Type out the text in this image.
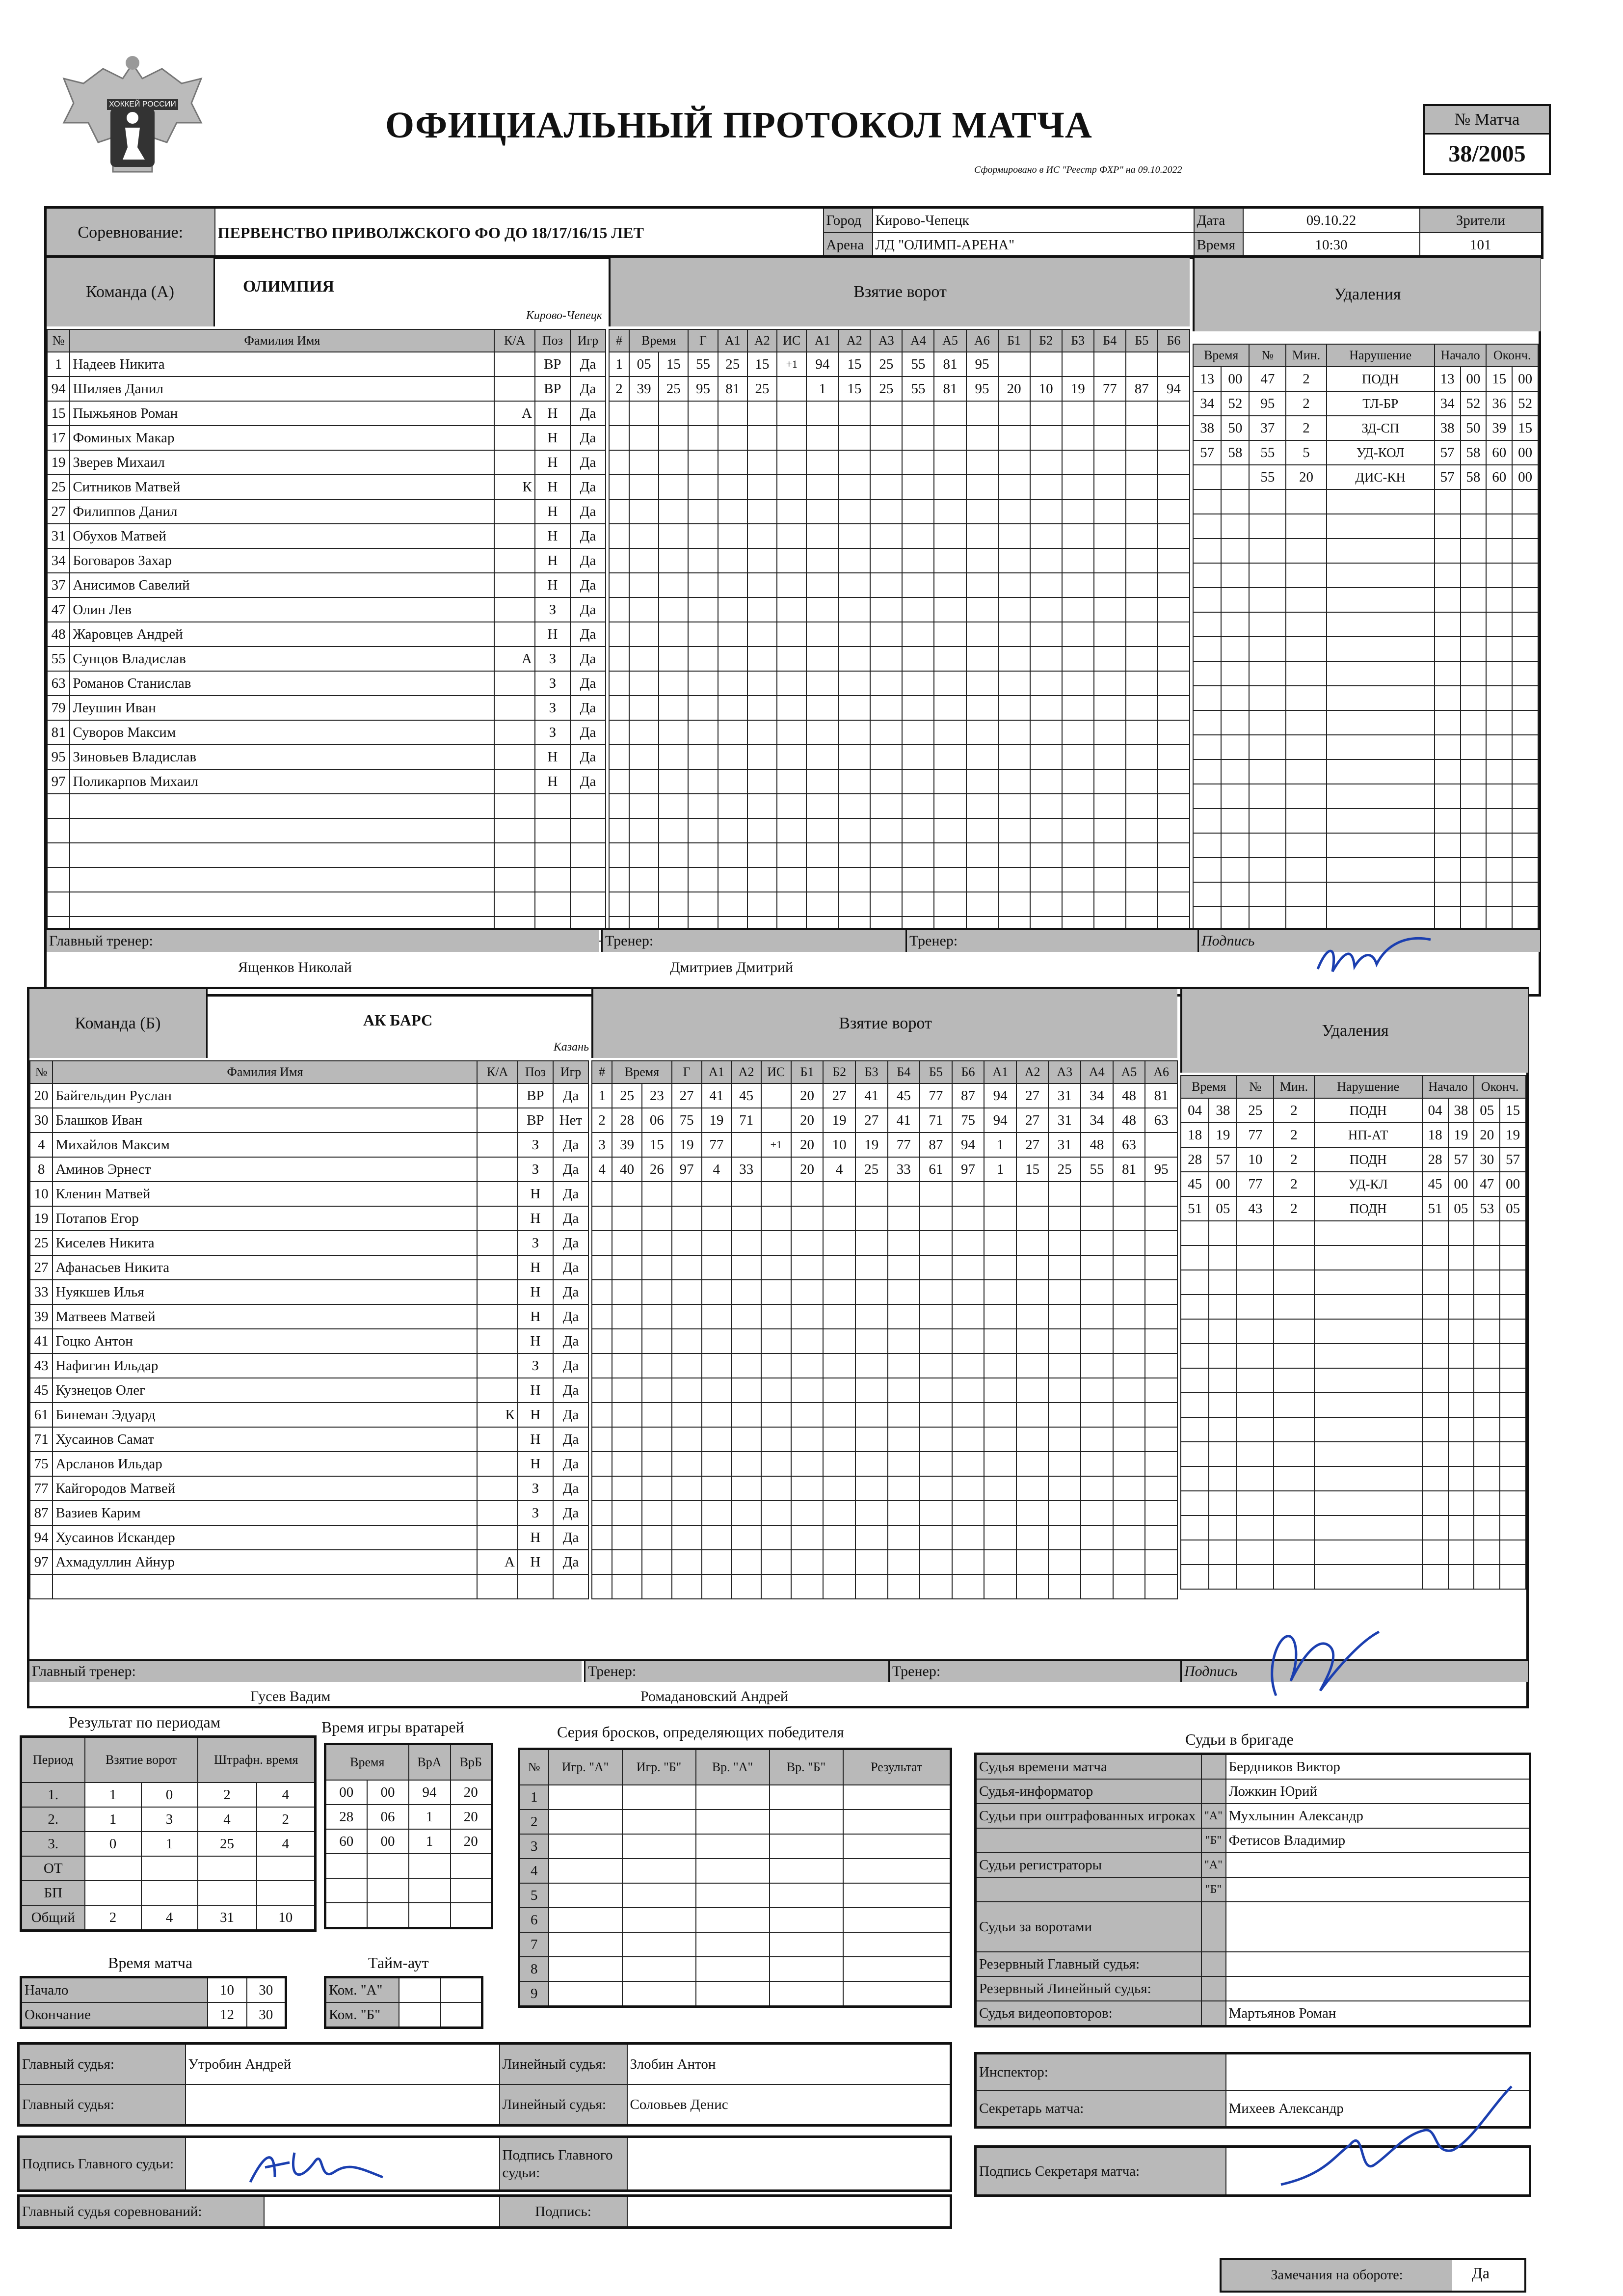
ХОККЕЙ РОССИИ
ОФИЦИАЛЬНЫЙ ПРОТОКОЛ МАТЧА
Сформировано в ИС "Реестр ФХР" на 09.10.2022
№ Матча
38/2005
Соревнование:	ПЕРВЕНСТВО ПРИВОЛЖСКОГО ФО ДО 18/17/16/15 ЛЕТ	Город	Кирово-Чепецк	Дата	09.10.22	Зрители
		Арена	ЛД "ОЛИМП-АРЕНА"	Время	10:30	101
Команда (А)	ОЛИМПИЯ
Кирово-Чепецк
Взятие ворот	Удаления
№	Фамилия Имя	К/А	Поз	Игр
1	Надеев Никита		ВР	Да
94	Шиляев Данил		ВР	Да
15	Пыжьянов Роман	А	Н	Да
17	Фоминых Макар		Н	Да
19	Зверев Михаил		Н	Да
25	Ситников Матвей	К	Н	Да
27	Филиппов Данил		Н	Да
31	Обухов Матвей		Н	Да
34	Боговаров Захар		Н	Да
37	Анисимов Савелий		Н	Да
47	Олин Лев		З	Да
48	Жаровцев Андрей		Н	Да
55	Сунцов Владислав	А	З	Да
63	Романов Станислав		З	Да
79	Леушин Иван		З	Да
81	Суворов Максим		З	Да
95	Зиновьев Владислав		Н	Да
97	Поликарпов Михаил		Н	Да

#	Время		Г	А1	А2	ИС	А1	А2	А3	А4	А5	А6	Б1	Б2	Б3	Б4	Б5	Б6
1	05	15	55	25	15	+1	94	15	25	55	81	95						
2	39	25	95	81	25		1	15	25	55	81	95	20	10	19	77	87	94

Время		№	Мин.	Нарушение	Начало		Оконч.	
13	00	47	2	ПОДН	13	00	15	00
34	52	95	2	ТЛ-БР	34	52	36	52
38	50	37	2	ЗД-СП	38	50	39	15
57	58	55	5	УД-КОЛ	57	58	60	00
		55	20	ДИС-КН	57	58	60	00

Главный тренер:
Ященков Николай
Тренер:
Дмитриев Дмитрий
Тренер:	Подпись
Команда (Б)	АК БАРС
Казань
Взятие ворот	Удаления
№	Фамилия Имя	К/А	Поз	Игр
20	Байгельдин Руслан		ВР	Да
30	Блашков Иван		ВР	Нет
4	Михайлов Максим		З	Да
8	Аминов Эрнест		З	Да
10	Кленин Матвей		Н	Да
19	Потапов Егор		Н	Да
25	Киселев Никита		З	Да
27	Афанасьев Никита		Н	Да
33	Нуякшев Илья		Н	Да
39	Матвеев Матвей		Н	Да
41	Гоцко Антон		Н	Да
43	Нафигин Ильдар		З	Да
45	Кузнецов Олег		Н	Да
61	Бинеман Эдуард	К	Н	Да
71	Хусаинов Самат		Н	Да
75	Арсланов Ильдар		Н	Да
77	Кайгородов Матвей		З	Да
87	Вазиев Карим		З	Да
94	Хусаинов Искандер		Н	Да
97	Ахмадуллин Айнур	А	Н	Да

#	Время		Г	А1	А2	ИС	Б1	Б2	Б3	Б4	Б5	Б6	А1	А2	А3	А4	А5	А6
1	25	23	27	41	45		20	27	41	45	77	87	94	27	31	34	48	81
2	28	06	75	19	71		20	19	27	41	71	75	94	27	31	34	48	63
3	39	15	19	77		+1	20	10	19	77	87	94	1	27	31	48	63	
4	40	26	97	4	33		20	4	25	33	61	97	1	15	25	55	81	95

Время		№	Мин.	Нарушение	Начало		Оконч.	
04	38	25	2	ПОДН	04	38	05	15
18	19	77	2	НП-АТ	18	19	20	19
28	57	10	2	ПОДН	28	57	30	57
45	00	77	2	УД-КЛ	45	00	47	00
51	05	43	2	ПОДН	51	05	53	05

Главный тренер:
Гусев Вадим
Тренер:
Ромадановский Андрей
Тренер:	Подпись
Результат по периодам
Период	Взятие ворот		Штрафн. время	
1.	1	0	2	4
2.	1	3	4	2
3.	0	1	25	4
ОТ				
БП				
Общий	2	4	31	10
Время игры вратарей
Время		ВрА	ВрБ
00	00	94	20
28	06	1	20
60	00	1	20

Время матча
Начало	10	30
Окончание	12	30
Тайм-аут
Ком. "А"		
Ком. "Б"		
Серия бросков, определяющих победителя
№	Игр. "А"	Игр. "Б"	Вр. "А"	Вр. "Б"	Результат
1					
2					
3					
4					
5					
6					
7					
8					
9					
Судьи в бригаде
Судья времени матча		Бердников Виктор
Судья-информатор		Ложкин Юрий
Судьи при оштрафованных игроках	"А"	Мухлынин Александр
	"Б"	Фетисов Владимир
Судьи регистраторы	"А"	
	"Б"	
Судьи за воротами		
Резервный Главный судья:		
Резервный Линейный судья:		
Судья видеоповторов:		Мартьянов Роман
Главный судья:	Утробин Андрей	Линейный судья:	Злобин Антон
Главный судья:		Линейный судья:	Соловьев Денис
Инспектор:	
Секретарь матча:	Михеев Александр
Подпись Главного судьи:		Подпись Главного судьи:		Подпись Секретаря матча:	
Главный судья соревнований:		Подпись:	
Замечания на обороте:	Да
